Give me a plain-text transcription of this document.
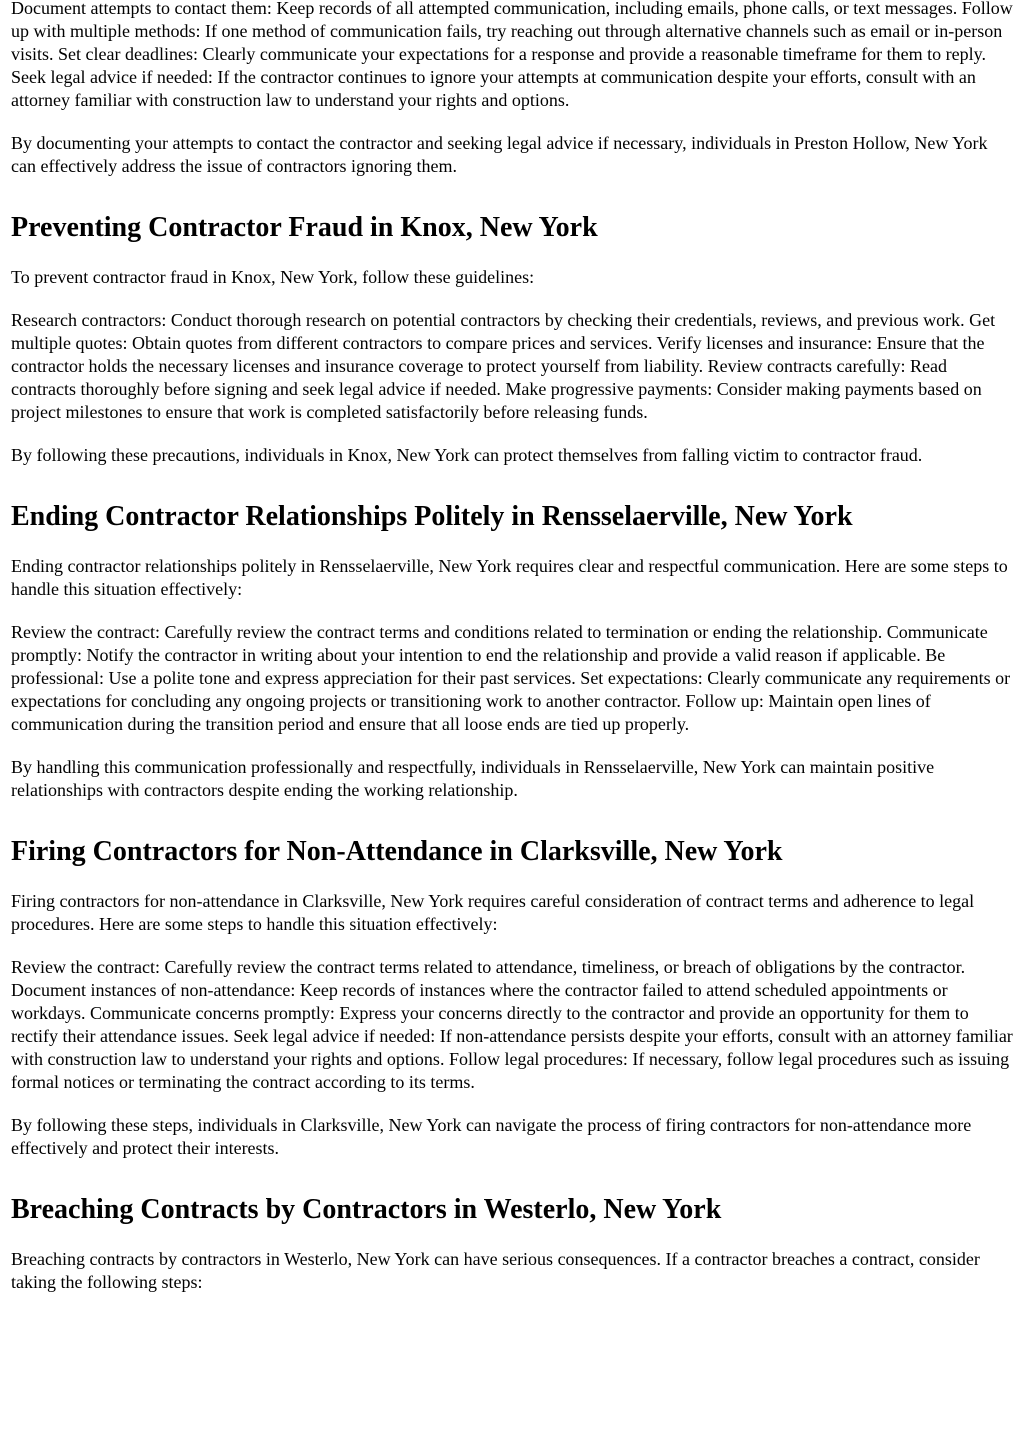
Document attempts to contact them: Keep records of all attempted communication, including emails, phone calls, or text messages. Follow up with multiple methods: If one method of communication fails, try reaching out through alternative channels such as email or in-person visits. Set clear deadlines: Clearly communicate your expectations for a response and provide a reasonable timeframe for them to reply. Seek legal advice if needed: If the contractor continues to ignore your attempts at communication despite your efforts, consult with an attorney familiar with construction law to understand your rights and options.

By documenting your attempts to contact the contractor and seeking legal advice if necessary, individuals in Preston Hollow, New York can effectively address the issue of contractors ignoring them.

Preventing Contractor Fraud in Knox, New York

To prevent contractor fraud in Knox, New York, follow these guidelines:

Research contractors: Conduct thorough research on potential contractors by checking their credentials, reviews, and previous work. Get multiple quotes: Obtain quotes from different contractors to compare prices and services. Verify licenses and insurance: Ensure that the contractor holds the necessary licenses and insurance coverage to protect yourself from liability. Review contracts carefully: Read contracts thoroughly before signing and seek legal advice if needed. Make progressive payments: Consider making payments based on project milestones to ensure that work is completed satisfactorily before releasing funds.

By following these precautions, individuals in Knox, New York can protect themselves from falling victim to contractor fraud.

Ending Contractor Relationships Politely in Rensselaerville, New York

Ending contractor relationships politely in Rensselaerville, New York requires clear and respectful communication. Here are some steps to handle this situation effectively:

Review the contract: Carefully review the contract terms and conditions related to termination or ending the relationship. Communicate promptly: Notify the contractor in writing about your intention to end the relationship and provide a valid reason if applicable. Be professional: Use a polite tone and express appreciation for their past services. Set expectations: Clearly communicate any requirements or expectations for concluding any ongoing projects or transitioning work to another contractor. Follow up: Maintain open lines of communication during the transition period and ensure that all loose ends are tied up properly.

By handling this communication professionally and respectfully, individuals in Rensselaerville, New York can maintain positive relationships with contractors despite ending the working relationship.

Firing Contractors for Non-Attendance in Clarksville, New York

Firing contractors for non-attendance in Clarksville, New York requires careful consideration of contract terms and adherence to legal procedures. Here are some steps to handle this situation effectively:

Review the contract: Carefully review the contract terms related to attendance, timeliness, or breach of obligations by the contractor. Document instances of non-attendance: Keep records of instances where the contractor failed to attend scheduled appointments or workdays. Communicate concerns promptly: Express your concerns directly to the contractor and provide an opportunity for them to rectify their attendance issues. Seek legal advice if needed: If non-attendance persists despite your efforts, consult with an attorney familiar with construction law to understand your rights and options. Follow legal procedures: If necessary, follow legal procedures such as issuing formal notices or terminating the contract according to its terms.

By following these steps, individuals in Clarksville, New York can navigate the process of firing contractors for non-attendance more effectively and protect their interests.

Breaching Contracts by Contractors in Westerlo, New York

Breaching contracts by contractors in Westerlo, New York can have serious consequences. If a contractor breaches a contract, consider taking the following steps:
